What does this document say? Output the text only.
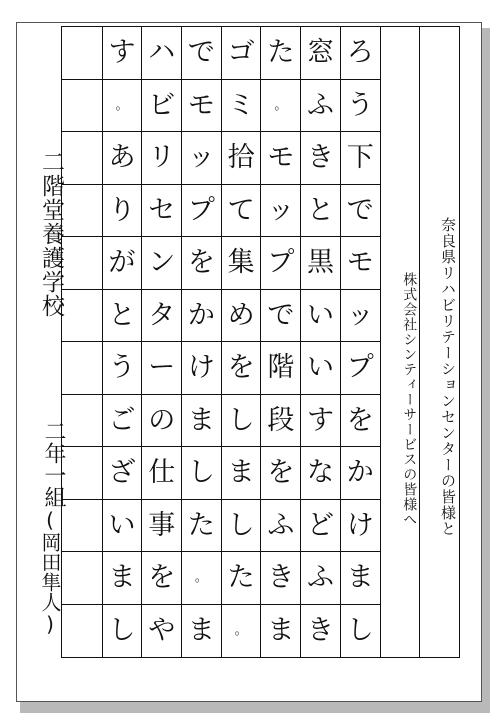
奈良県リハビリテーションセンターの皆様と
株式会社シンティーサービスの皆様へ
ろ
う
下
で
モ
ッ
プ
を
か
け
ま
し
窓
ふ
き
と
黒
い
い
す
な
ど
ふ
き
た
。
モ
ッ
プ
で
階
段
を
ふ
き
ま
ゴ
ミ
拾
て
集
め
を
し
ま
し
た
。
で
モ
ッ
プ
を
か
け
ま
し
た
。
ま
ハ
ビ
リ
セ
ン
タ
ー
の
仕
事
を
や
す
。
あ
り
が
と
う
ご
ざ
い
ま
し
二階堂養護学校
二年一組
(岡田隼人)
